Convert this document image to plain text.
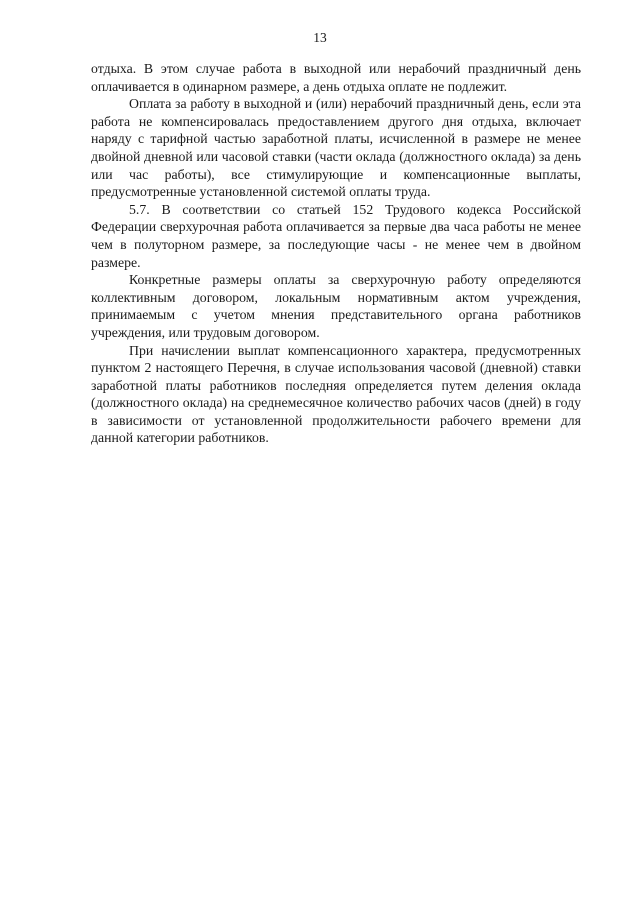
13

отдыха. В этом случае работа в выходной или нерабочий праздничный день оплачивается в одинарном размере, а день отдыха оплате не подлежит.

Оплата за работу в выходной и (или) нерабочий праздничный день, если эта работа не компенсировалась предоставлением другого дня отдыха, включает наряду с тарифной частью заработной платы, исчисленной в размере не менее двойной дневной или часовой ставки (части оклада (должностного оклада) за день или час работы), все стимулирующие и компенсационные выплаты, предусмотренные установленной системой оплаты труда.

5.7. В соответствии со статьей 152 Трудового кодекса Российской Федерации сверхурочная работа оплачивается за первые два часа работы не менее чем в полуторном размере, за последующие часы - не менее чем в двойном размере.

Конкретные размеры оплаты за сверхурочную работу определяются коллективным договором, локальным нормативным актом учреждения, принимаемым с учетом мнения представительного органа работников учреждения, или трудовым договором.

При начислении выплат компенсационного характера, предусмотренных пунктом 2 настоящего Перечня, в случае использования часовой (дневной) ставки заработной платы работников последняя определяется путем деления оклада (должностного оклада) на среднемесячное количество рабочих часов (дней) в году в зависимости от установленной продолжительности рабочего времени для данной категории работников.
